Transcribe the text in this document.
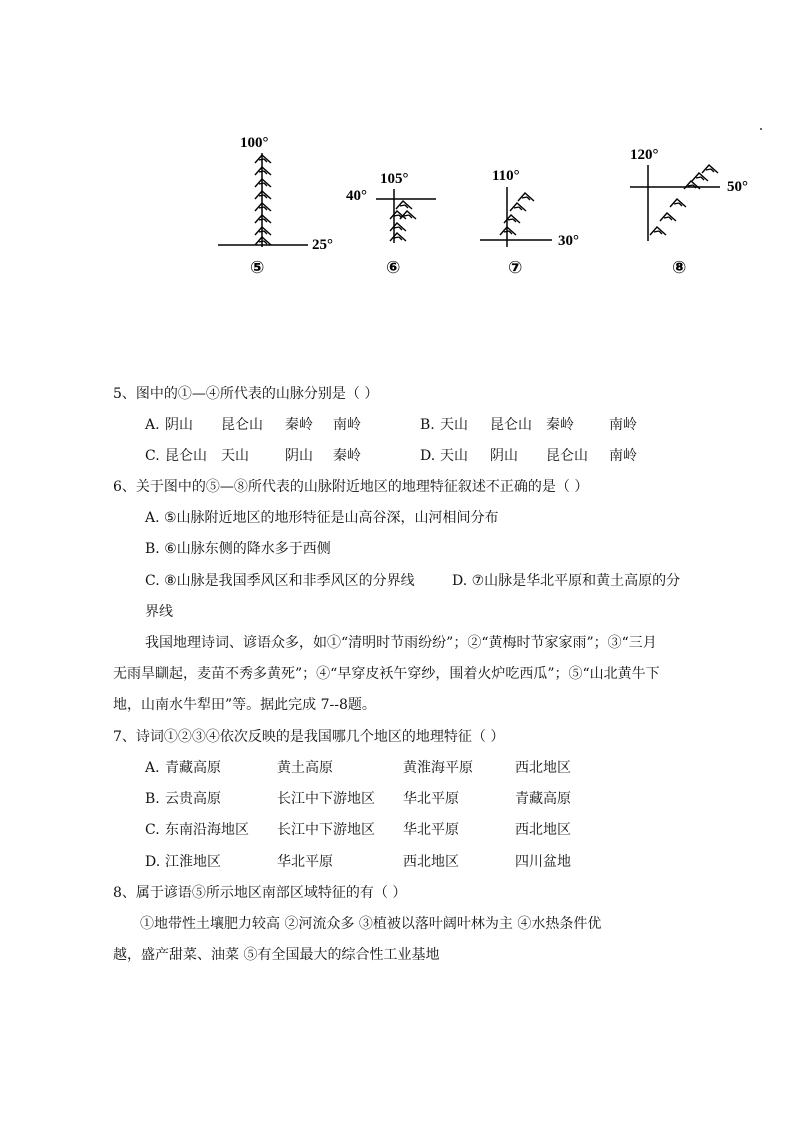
100°
25°
⑤
105°
40°
⑥
110°
30°
⑦
120°
50°
⑧
5、图中的①—④所代表的山脉分别是（ ）
A. 阴山 昆仑山 秦岭 南岭	B. 天山 昆仑山 秦岭	南岭
C. 昆仑山 天山	阴山 秦岭	D. 天山 阴山 昆仑山 南岭
6、关于图中的⑤—⑧所代表的山脉附近地区的地理特征叙述不正确的是（ ）
A. ⑤山脉附近地区的地形特征是山高谷深，山河相间分布
B. ⑥山脉东侧的降水多于西侧
C. ⑧山脉是我国季风区和非季风区的分界线	D. ⑦山脉是华北平原和黄土高原的分
界线
我国地理诗词、谚语众多，如①“清明时节雨纷纷”；②“黄梅时节家家雨”；③“三月
无雨旱瞓起，麦苗不秀多黄死”；④“早穿皮袄午穿纱，围着火炉吃西瓜”；⑤“山北黄牛下
地，山南水牛犁田”等。据此完成 7--8题。
7、诗词①②③④依次反映的是我国哪几个地区的地理特征（ ）
A. 青藏高原	黄土高原	黄淮海平原	西北地区
B. 云贵高原	长江中下游地区 华北平原	青藏高原
C. 东南沿海地区 长江中下游地区 华北平原	西北地区
D. 江淮地区	华北平原	西北地区	四川盆地
8、属于谚语⑤所示地区南部区域特征的有（ ）
①地带性土壤肥力较高 ②河流众多 ③植被以落叶阔叶林为主 ④水热条件优
越，盛产甜菜、油菜 ⑤有全国最大的综合性工业基地
